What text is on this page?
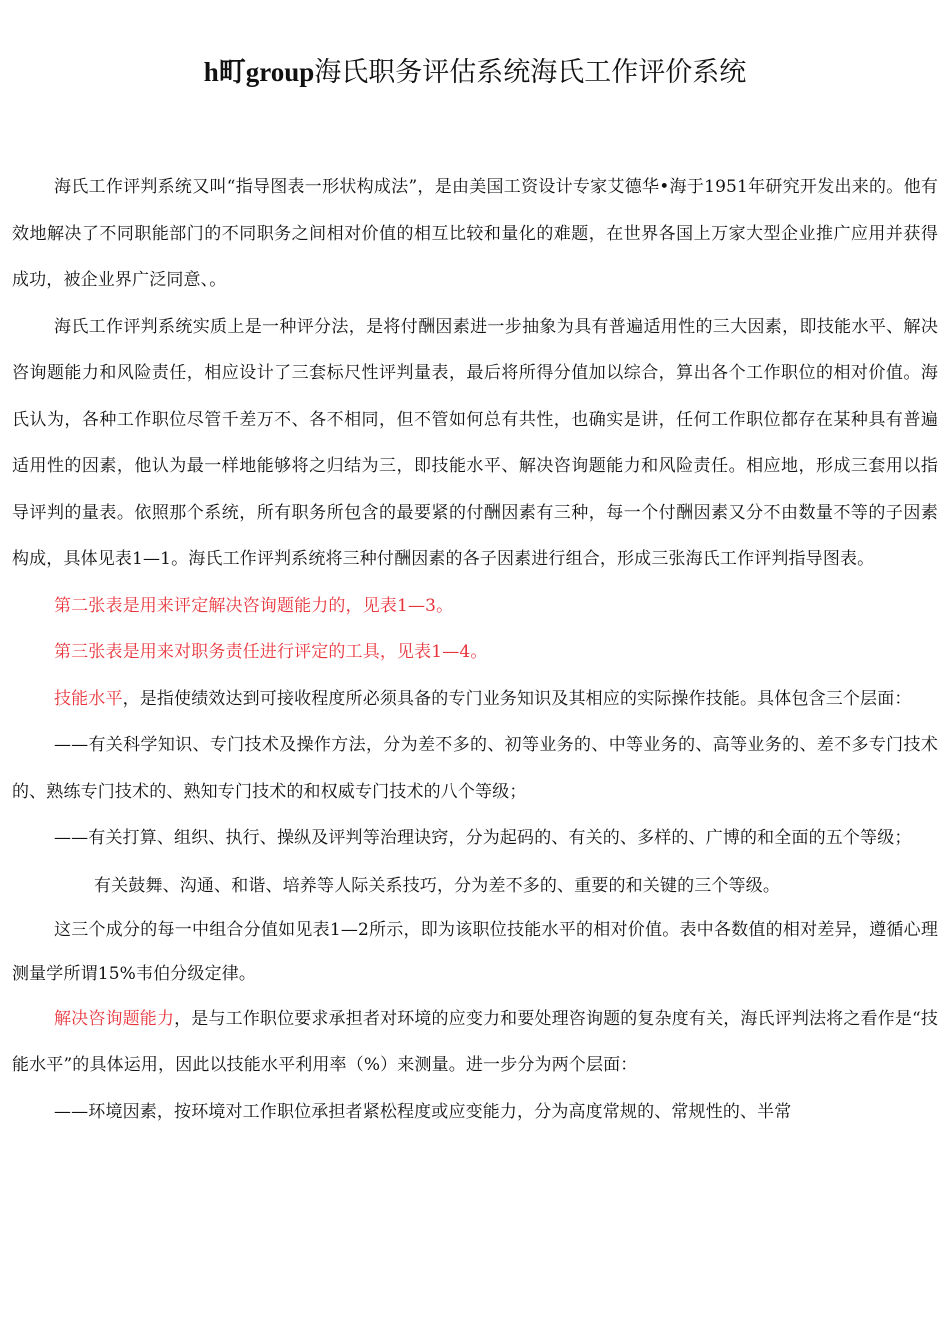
h町group海氏职务评估系统海氏工作评价系统

海氏工作评判系统又叫“指导图表一形状构成法”，是由美国工资设计专家艾德华•海于1951年研究开发出来的。他有效地解决了不同职能部门的不同职务之间相对价值的相互比较和量化的难题，在世界各国上万家大型企业推广应用并获得成功，被企业界广泛同意、。

海氏工作评判系统实质上是一种评分法，是将付酬因素进一步抽象为具有普遍适用性的三大因素，即技能水平、解决咨询题能力和风险责任，相应设计了三套标尺性评判量表，最后将所得分值加以综合，算出各个工作职位的相对价值。海氏认为，各种工作职位尽管千差万不、各不相同，但不管如何总有共性，也确实是讲，任何工作职位都存在某种具有普遍适用性的因素，他认为最一样地能够将之归结为三，即技能水平、解决咨询题能力和风险责任。相应地，形成三套用以指导评判的量表。依照那个系统，所有职务所包含的最要紧的付酬因素有三种，每一个付酬因素又分不由数量不等的子因素构成，具体见表1—1。海氏工作评判系统将三种付酬因素的各子因素进行组合，形成三张海氏工作评判指导图表。

第二张表是用来评定解决咨询题能力的，见表1—3。

第三张表是用来对职务责任进行评定的工具，见表1—4。

技能水平，是指使绩效达到可接收程度所必须具备的专门业务知识及其相应的实际操作技能。具体包含三个层面：

——有关科学知识、专门技术及操作方法，分为差不多的、初等业务的、中等业务的、高等业务的、差不多专门技术的、熟练专门技术的、熟知专门技术的和权威专门技术的八个等级；

——有关打算、组织、执行、操纵及评判等治理诀窍，分为起码的、有关的、多样的、广博的和全面的五个等级；

有关鼓舞、沟通、和谐、培养等人际关系技巧，分为差不多的、重要的和关键的三个等级。

这三个成分的每一中组合分值如见表1—2所示，即为该职位技能水平的相对价值。表中各数值的相对差异，遵循心理测量学所谓15%韦伯分级定律。

解决咨询题能力，是与工作职位要求承担者对环境的应变力和要处理咨询题的复杂度有关，海氏评判法将之看作是“技能水平”的具体运用，因此以技能水平利用率（%）来测量。进一步分为两个层面：

——环境因素，按环境对工作职位承担者紧松程度或应变能力，分为高度常规的、常规性的、半常
